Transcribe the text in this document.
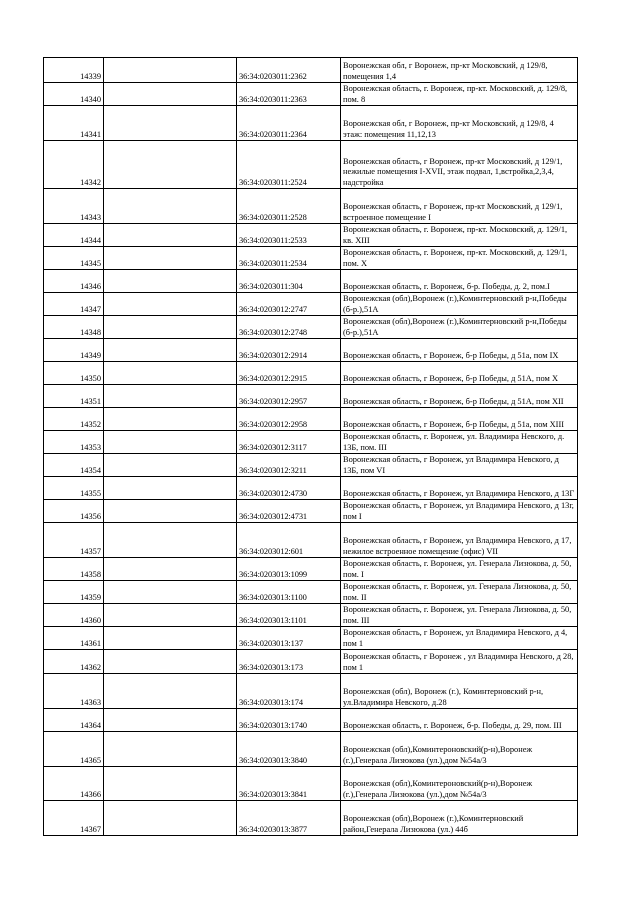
14339		36:34:0203011:2362	Воронежская обл, г Воронеж, пр-кт Московский, д 129/8, помещения 1,4
14340		36:34:0203011:2363	Воронежская область, г. Воронеж, пр-кт. Московский, д. 129/8, пом. 8
14341		36:34:0203011:2364	Воронежская обл, г Воронеж, пр-кт Московский, д 129/8, 4 этаж: помещения 11,12,13
14342		36:34:0203011:2524	Воронежская область, г Воронеж, пр-кт Московский, д 129/1, нежилые помещения I-XVII, этаж подвал, 1,встройка,2,3,4, надстройка
14343		36:34:0203011:2528	Воронежская область, г Воронеж, пр-кт Московский, д 129/1, встроенное помещение I
14344		36:34:0203011:2533	Воронежская область, г. Воронеж, пр-кт. Московский, д. 129/1, кв. XIII
14345		36:34:0203011:2534	Воронежская область, г. Воронеж, пр-кт. Московский, д. 129/1, пом. X
14346		36:34:0203011:304	Воронежская область, г. Воронеж, б-р. Победы, д. 2, пом.I
14347		36:34:0203012:2747	Воронежская (обл),Воронеж (г.),Коминтерновский р-н,Победы (б-р.),51А
14348		36:34:0203012:2748	Воронежская (обл),Воронеж (г.),Коминтерновский р-н,Победы (б-р.),51А
14349		36:34:0203012:2914	Воронежская область, г Воронеж, б-р Победы, д 51а, пом IX
14350		36:34:0203012:2915	Воронежская область, г Воронеж, б-р Победы, д 51А, пом X
14351		36:34:0203012:2957	Воронежская область, г Воронеж, б-р Победы, д 51А, пом XII
14352		36:34:0203012:2958	Воронежская область, г Воронеж, б-р Победы, д 51а, пом XIII
14353		36:34:0203012:3117	Воронежская область, г. Воронеж, ул. Владимира Невского, д. 13Б, пом. III
14354		36:34:0203012:3211	Воронежская область, г Воронеж, ул Владимира Невского, д 13Б, пом VI
14355		36:34:0203012:4730	Воронежская область, г Воронеж, ул Владимира Невского, д 13Г
14356		36:34:0203012:4731	Воронежская область, г Воронеж, ул Владимира Невского, д 13г, пом I
14357		36:34:0203012:601	Воронежская область, г Воронеж, ул Владимира Невского, д 17, нежилое встроенное помещение (офис) VII
14358		36:34:0203013:1099	Воронежская область, г. Воронеж, ул. Генерала Лизюкова, д. 50, пом. I
14359		36:34:0203013:1100	Воронежская область, г. Воронеж, ул. Генерала Лизюкова, д. 50, пом. II
14360		36:34:0203013:1101	Воронежская область, г. Воронеж, ул. Генерала Лизюкова, д. 50, пом. III
14361		36:34:0203013:137	Воронежская область, г Воронеж, ул Владимира Невского, д 4, пом 1
14362		36:34:0203013:173	Воронежская область, г Воронеж , ул Владимира Невского, д 28, пом 1
14363		36:34:0203013:174	Воронежская (обл), Воронеж (г.), Коминтерновский р-н, ул.Владимира Невского, д.28
14364		36:34:0203013:1740	Воронежская область, г. Воронеж, б-р. Победы, д. 29, пом. III
14365		36:34:0203013:3840	Воронежская (обл),Коминтероновский(р-н),Воронеж (г.),Генерала Лизюкова (ул.),дом №54а/3
14366		36:34:0203013:3841	Воронежская (обл),Коминтероновский(р-н),Воронеж (г.),Генерала Лизюкова (ул.),дом №54а/3
14367		36:34:0203013:3877	Воронежская (обл),Воронеж (г.),Коминтерновский район,Генерала Лизюкова (ул.) 44б
